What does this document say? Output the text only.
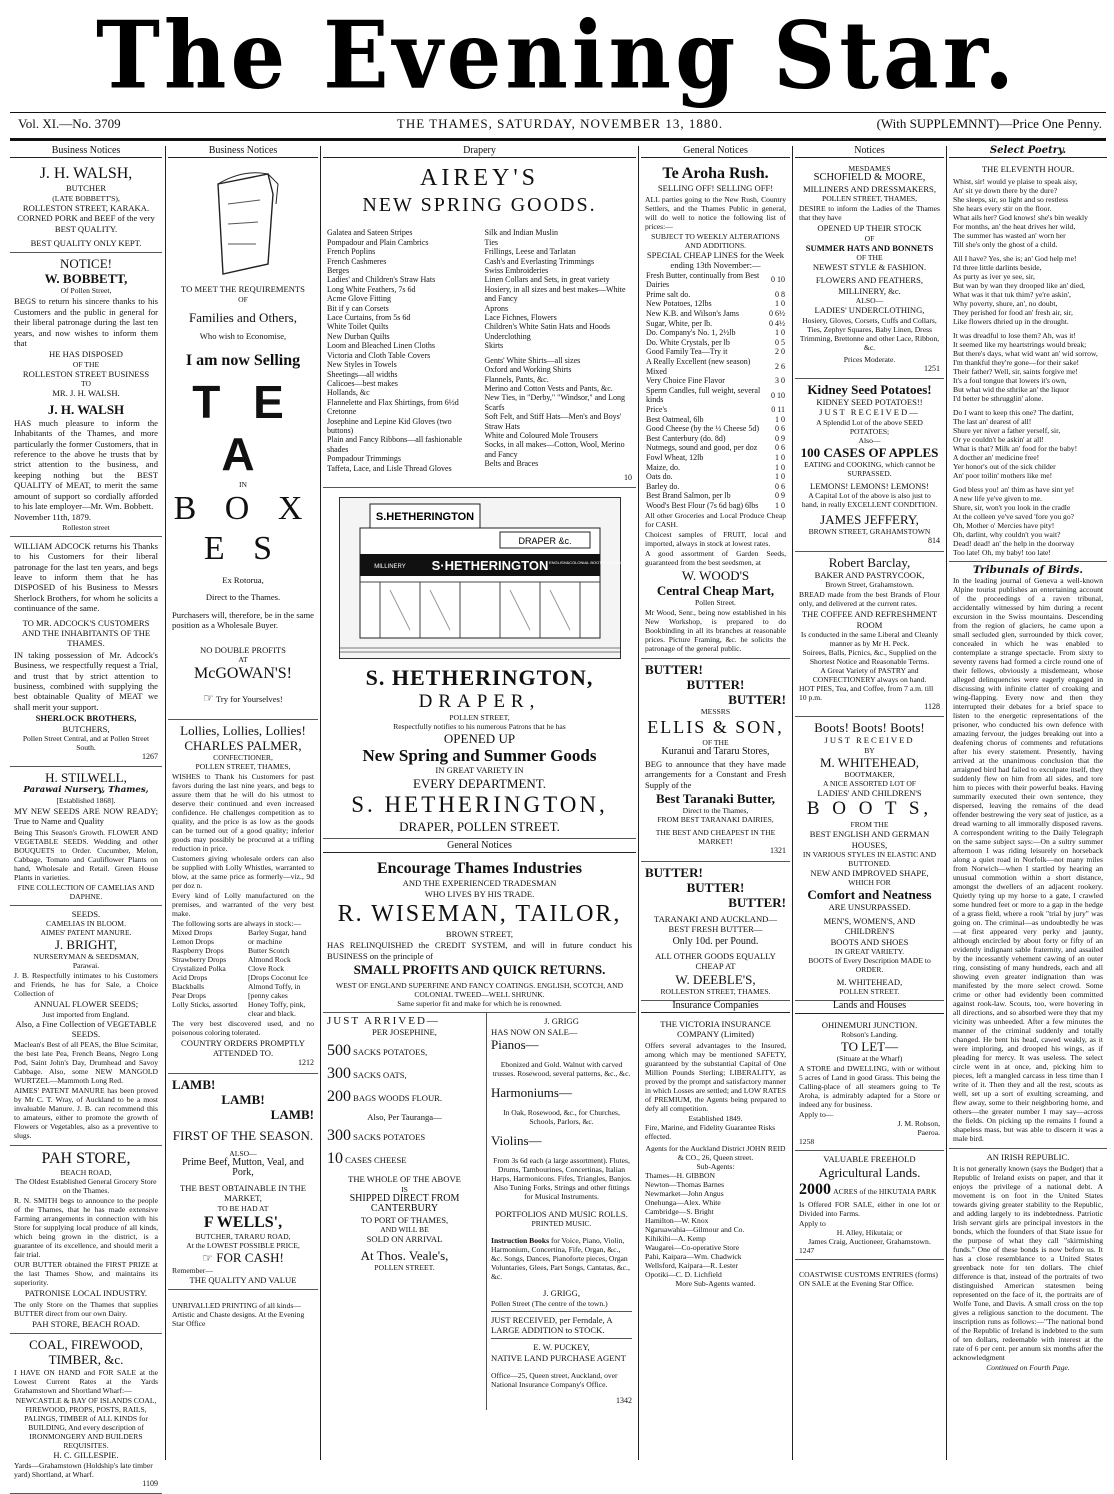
The Evening Star.
Vol. XI.—No. 3709	THE THAMES, SATURDAY, NOVEMBER 13, 1880.	(With SUPPLEMNNT)—Price One Penny.
Business Notices
J. H. WALSH,
BUTCHER
(LATE BOBBETT'S),
ROLLESTON STREET, KARAKA.
CORNED PORK and BEEF of the very BEST QUALITY.
BEST QUALITY ONLY KEPT.
NOTICE!
W. BOBBETT,
Of Pollen Street,

BEGS to return his sincere thanks to his Customers and the public in general for their liberal patronage during the last ten years, and now wishes to inform them that

HE HAS DISPOSED
OF THE
ROLLESTON STREET BUSINESS
TO
MR. J. H. WALSH.
J. H. WALSH

HAS much pleasure to inform the Inhabitants of the Thames, and more particularly the former Customers, that in reference to the above he trusts that by strict attention to the business, and keeping nothing but the BEST QUALITY of MEAT, to merit the same amount of support so cordially afforded to his late employer—Mr. Wm. Bobbett.

November 11th, 1879.
Rolleston street

WILLIAM ADCOCK returns his Thanks to his Customers for their liberal patronage for the last ten years, and begs leave to inform them that he has DISPOSED of his Business to Messrs Sherlock Brothers, for whom he solicits a continuance of the same.

TO MR. ADCOCK'S CUSTOMERS AND THE INHABITANTS OF THE THAMES.

IN taking possession of Mr. Adcock's Business, we respectfully request a Trial, and trust that by strict attention to business, combined with supplying the best obtainable Quality of MEAT we shall merit your support.

SHERLOCK BROTHERS,
BUTCHERS,
Pollen Street Central, and at Pollen Street South.
1267
H. STILWELL,
Parawai Nursery, Thames,
[Established 1868].

MY NEW SEEDS ARE NOW READY; True to Name and Quality

Being This Season's Growth. FLOWER AND VEGETABLE SEEDS. Wedding and other BOUQUETS to Order. Cucumber, Melon, Cabbage, Tomato and Cauliflower Plants on hand, Wholesale and Retail. Green House Plants in varieties.

FINE COLLECTION OF CAMELIAS AND DAPHNE.
SEEDS.
CAMELIAS IN BLOOM.
AIMES' PATENT MANURE.
J. BRIGHT,
NURSERYMAN & SEEDSMAN,
Parawai.

J. B. Respectfully intimates to his Customers and Friends, he has for Sale, a Choice Collection of

ANNUAL FLOWER SEEDS;
Just imported from England.
Also, a Fine Collection of VEGETABLE SEEDS.

Maclean's Best of all PEAS, the Blue Scimitar, the best late Pea, French Beans, Negro Long Pod, Saint John's Day, Drumhead and Savoy Cabbage. Also, some NEW MANGOLD WURTZEL—Mammoth Long Red.

AIMES' PATENT MANURE has been proved by Mr C. T. Wray, of Auckland to be a most invaluable Manure. J. B. can recommend this to amateurs, either to promote the growth of Flowers or Vegetables, also as a preventive to slugs.

PAH STORE,
BEACH ROAD,
The Oldest Established General Grocery Store on the Thames.

R. N. SMITH begs to announce to the people of the Thames, that he has made extensive Farming arrangements in connection with his Store for supplying local produce of all kinds, which being grown in the district, is a guarantee of its excellence, and should merit a fair trial.

OUR BUTTER obtained the FIRST PRIZE at the last Thames Show, and maintains its superiority.

PATRONISE LOCAL INDUSTRY.

The only Store on the Thames that supplies BUTTER direct from our own Dairy.

PAH STORE, BEACH ROAD.
COAL, FIREWOOD, TIMBER, &c.

I HAVE ON HAND and FOR SALE at the Lowest Current Rates at the Yards Grahamstown and Shortland Wharf:—

NEWCASTLE & BAY OF ISLANDS COAL, FIREWOOD, PROPS, POSTS, RAILS, PALINGS, TIMBER of ALL KINDS for BUILDING, And every description of IRONMONGERY AND BUILDERS REQUISITES.
H. C. GILLESPIE.
Yards—Grahamstown (Holdship's late timber yard) Shortland, at Wharf.
1109
Business Notices
TO MEET THE REQUIREMENTS
OF
Families and Others,
Who wish to Economise,
I am now Selling
T E A
IN
B O X E S
Ex Rotorua,
Direct to the Thames.

Purchasers will, therefore, be in the same position as a Wholesale Buyer.

NO DOUBLE PROFITS
AT
McGOWAN'S!
☞ Try for Yourselves!
Lollies, Lollies, Lollies!
CHARLES PALMER,
CONFECTIONER,
POLLEN STREET, THAMES,

WISHES to Thank his Customers for past favors during the last nine years, and begs to assure them that he will do his utmost to deserve their continued and even increased confidence. He challenges competition as to quality, and the price is as low as the goods can be turned out of a good quality; inferior goods may possibly be procured at a trifling reduction in price.

Customers giving wholesale orders can also be supplied with Lolly Whistles, warranted to blow, at the same price as formerly—viz., 9d per doz n.

Every kind of Lolly manufactured on the premises, and warranted of the very best make.

The following sorts are always in stock:—
Mixed Drops
Lemon Drops
Raspberry Drops
Strawberry Drops
Crystalized Polka
Acid Drops
Blackballs
Pear Drops
Lolly Sticks, assorted
Barley Sugar, hand or machine
Butter Scotch
Almond Rock
Clove Rock
[Drops Coconut Ice
Almond Toffy, in
[penny cakes
Honey Toffy, pink, clear and black.

The very best discovered used, and no poisonous coloring tolerated.

COUNTRY ORDERS PROMPTLY ATTENDED TO.
1212
LAMB!
LAMB!
LAMB!
FIRST OF THE SEASON.
ALSO—
Prime Beef, Mutton, Veal, and Pork,
THE BEST OBTAINABLE IN THE MARKET,
TO BE HAD AT
F WELLS',
BUTCHER, TARARU ROAD,
At the LOWEST POSSIBLE PRICE,
☞ FOR CASH!
Remember—
THE QUALITY AND VALUE

UNRIVALLED PRINTING of all kinds—Artistic and Chaste designs. At the Evening Star Office

Drapery
AIREY'S
NEW SPRING GOODS.
Galatea and Sateen Stripes
Pompadour and Plain Cambrics
French Poplins
French Cashmeres
Berges
Ladies' and Children's Straw Hats
Long White Feathers, 7s 6d
Acme Glove Fitting
Bit if y can Corsets
Lace Curtains, from 5s 6d
White Toilet Quilts
New Durban Quilts
Loom and Bleached Linen Cloths
Victoria and Cloth Table Covers
New Styles in Towels
Sheetings—all widths
Calicoes—best makes
Hollands, &c
Flannelette and Flax Shirtings, from 6½d
Cretonne
Josephine and Lepine Kid Gloves (two buttons)
Plain and Fancy Ribbons—all fashionable shades
Pompadour Trimmings
Taffeta, Lace, and Lisle Thread Gloves
Silk and Indian Muslin
Ties
Frillings, Leese and Tarlatan
Cash's and Everlasting Trimmings
Swiss Embroideries
Linen Collars and Sets, in great variety
Hosiery, in all sizes and best makes—White and Fancy
Aprons
Lace Fichnes, Flowers
Children's White Satin Hats and Hoods
Underclothing
Skirts
Gents' White Shirts—all sizes
Oxford and Working Shirts
Flannels, Pants, &c.
Merino and Cotton Vests and Pants, &c.
New Ties, in "Derby," "Windsor," and Long Scarfs
Soft Felt, and Stiff Hats—Men's and Boys'
Straw Hats
White and Coloured Mole Trousers
Socks, in all makes—Cotton, Wool, Merino and Fancy
Belts and Braces
10
S.HETHERINGTON
DRAPER &c.
S·HETHERINGTON
MILLINERY
ENGLISH&COLONIAL BOOTS&SHOES
S. HETHERINGTON,
DRAPER,
POLLEN STREET,
Respectfully notifies to his numerous Patrons that he has
OPENED UP
New Spring and Summer Goods
IN GREAT VARIETY IN
EVERY DEPARTMENT.
S. HETHERINGTON,
DRAPER, POLLEN STREET.
General Notices
Encourage Thames Industries
AND THE EXPERIENCED TRADESMAN
WHO LIVES BY HIS TRADE.
R. WISEMAN, TAILOR,
BROWN STREET,

HAS RELINQUISHED the CREDIT SYSTEM, and will in future conduct his BUSINESS on the principle of

SMALL PROFITS AND QUICK RETURNS.
WEST OF ENGLAND SUPERFINE AND FANCY COATINGS. ENGLISH, SCOTCH, AND COLONIAL TWEED—WELL SHRUNK.
Same superior fit and make for which he is renowned.
JUST ARRIVED—
PER JOSEPHINE,
500 SACKS POTATOES,
300 SACKS OATS,
200 BAGS WOODS FLOUR.
Also, Per Tauranga—
300 SACKS POTATOES
10 CASES CHEESE
THE WHOLE OF THE ABOVE
IS
SHIPPED DIRECT FROM
CANTERBURY
TO PORT OF THAMES,
AND WILL BE
SOLD ON ARRIVAL
At Thos. Veale's,
POLLEN STREET.
J. GRIGG
HAS NOW ON SALE—
Pianos—

Ebonized and Gold. Walnut with carved trusses. Rosewood, several patterns, &c., &c.

Harmoniums—

In Oak, Rosewood, &c., for Churches, Schools, Parlors, &c.

Violins—

From 3s 6d each (a large assortment). Flutes, Drums, Tambourines, Concertinas, Italian Harps, Harmonicons. Fifes, Triangles, Banjos. Also Tuning Forks, Strings and other fittings for Musical Instruments.

PORTFOLIOS AND MUSIC ROLLS.
PRINTED MUSIC.

Instruction Books for Voice, Piano, Violin, Harmonium, Concertina, Fife, Organ, &c., &c. Songs, Dances, Pianoforte pieces, Organ Voluntaries, Glees, Part Songs, Cantatas, &c., &c.

J. GRIGG,
Pollen Street (The centre of the town.)
JUST RECEIVED, per Ferndale, A LARGE ADDITION to STOCK.
E. W. PUCKEY,
NATIVE LAND PURCHASE AGENT

Office—25, Queen street, Auckland, over National Insurance Company's Office.

1342
General Notices
Te Aroha Rush.
SELLING OFF! SELLING OFF!

ALL parties going to the New Rush, Country Settlers, and the Thames Public in general, will do well to notice the following list of prices:—

SUBJECT TO WEEKLY ALTERATIONS AND ADDITIONS.
SPECIAL CHEAP LINES for the Week ending 13th November:—
Fresh Butter, continually from Best Dairies	0 10
Prime salt do.	0 8
New Potatoes, 12lbs	1 0
New K.B. and Wilson's Jams	0 6½
Sugar, White, per lb.	0 4½
Do. Company's No. 1, 2½lb	1 0
Do. White Crystals, per lb	0 5
Good Family Tea—Try it	2 0
A Really Excellent (new season) Mixed	2 6
Very Choice Fine Flavor	3 0
Sperm Candles, full weight, several kinds	0 10
Price's	0 11
Best Oatmeal, 6lb	1 0
Good Cheese (by the ½ Cheese 5d)	0 6
Best Canterbury (do. 8d)	0 9
Nutmegs, sound and good, per doz	0 6
Fowl Wheat, 12lb	1 0
Maize, do.	1 0
Oats do.	1 0
Barley do.	0 6
Best Brand Salmon, per lb	0 9
Wood's Best Flour (7s 6d bag) 6lbs	1 0

All other Groceries and Local Produce Cheap for CASH.

Choicest samples of FRUIT, local and imported, always in stock at lowest rates.

A good assortment of Garden Seeds, guaranteed from the best seedsmen, at

W. WOOD'S
Central Cheap Mart,
Pollen Street.

Mr Wood, Senr., being now established in his New Workshop, is prepared to do Bookbinding in all its branches at reasonable prices. Picture Framing, &c. he solicits the patronage of the general public.

BUTTER!
BUTTER!
BUTTER!
MESSRS
ELLIS & SON,
OF THE
Kuranui and Tararu Stores,

BEG to announce that they have made arrangements for a Constant and Fresh Supply of the

Best Taranaki Butter,
Direct to the Thames,
FROM BEST TARANAKI DAIRIES,
THE BEST AND CHEAPEST IN THE MARKET!
1321
BUTTER!
BUTTER!
BUTTER!
TARANAKI AND AUCKLAND—
BEST FRESH BUTTER—
Only 10d. per Pound.
ALL OTHER GOODS EQUALLY CHEAP AT
W. DEEBLE'S,
ROLLESTON STREET, THAMES.
Insurance Companies
THE VICTORIA INSURANCE COMPANY (Limited)

Offers several advantages to the Insured, among which may be mentioned SAFETY, guaranteed by the substantial Capital of One Million Pounds Sterling; LIBERALITY, as proved by the prompt and satisfactory manner in which Losses are settled; and LOW RATES of PREMIUM, the Agents being prepared to defy all competition.

Established 1849.
Fire, Marine, and Fidelity Guarantee Risks effected.
Agents for the Auckland District JOHN REID & CO., 26, Queen street.
Sub-Agents:
Thames—H. GIBBON
Newton—Thomas Barnes
Newmarket—John Angus
Onehunga—Alex. White
Cambridge—S. Bright
Hamilton—W. Knox
Ngaruawahia—Gilmour and Co.
Kihikihi—A. Kemp
Waugarei—Co-operative Store
Pahi, Kaipara—Wm. Chadwick
Wellsford, Kaipara—R. Lester
Opotiki—C. D. Lichfield
More Sub-Agents wanted.
Notices
MESDAMES
SCHOFIELD & MOORE,
MILLINERS AND DRESSMAKERS,
POLLEN STREET, THAMES,

DESIRE to inform the Ladies of the Thames that they have

OPENED UP THEIR STOCK
OF
SUMMER HATS AND BONNETS
OF THE
NEWEST STYLE & FASHION.
FLOWERS AND FEATHERS, MILLINERY, &c.
ALSO—
LADIES' UNDERCLOTHING,
Hosiery, Gloves, Corsets, Cuffs and Collars, Ties, Zephyr Squares, Baby Linen, Dress Trimming, Brettonne and other Lace, Ribbon, &c.
Prices Moderate.
1251
Kidney Seed Potatoes!
KIDNEY SEED POTATOES!!
JUST RECEIVED—
A Splendid Lot of the above SEED POTATOES;
Also—
100 CASES OF APPLES
EATING and COOKING, which cannot be SURPASSED.
LEMONS! LEMONS! LEMONS!
A Capital Lot of the above is also just to hand, in really EXCELLENT CONDITION.
JAMES JEFFERY,
BROWN STREET, GRAHAMSTOWN
814
Robert Barclay,
BAKER AND PASTRYCOOK,
Brown Street, Grahamstown.

BREAD made from the best Brands of Flour only, and delivered at the current rates.

THE COFFEE AND REFRESHMENT ROOM
Is conducted in the same Liberal and Cleanly manner as by Mr H. Peck.
Soirees, Balls, Picnics, &c., Supplied on the Shortest Notice and Reasonable Terms.
A Great Variety of PASTRY and CONFECTIONERY always on hand.
HOT PIES, Tea, and Coffee, from 7 a.m. till 10 p.m.
1128
Boots! Boots! Boots!
JUST RECEIVED
BY
M. WHITEHEAD,
BOOTMAKER,
A NICE ASSORTED LOT OF
LADIES' AND CHILDREN'S
B O O T S,
FROM THE
BEST ENGLISH AND GERMAN HOUSES,
IN VARIOUS STYLES IN ELASTIC AND BUTTONED.
NEW AND IMPROVED SHAPE,
WHICH FOR
Comfort and Neatness
ARE UNSURPASSED.
MEN'S, WOMEN'S, AND CHILDREN'S
BOOTS AND SHOES
IN GREAT VARIETY.
BOOTS of Every Description MADE to ORDER.
M. WHITEHEAD,
POLLEN STREET.
Lands and Houses
OHINEMURI JUNCTION.
Robson's Landing.
TO LET—
(Situate at the Wharf)

A STORE and DWELLING, with or without 5 acres of Land in good Grass. This being the Calling-place of all steamers going to Te Aroha, is admirably adapted for a Store or indeed any for business.

Apply to—
J. M. Robson,
Paeroa.
1258
VALUABLE FREEHOLD
Agricultural Lands.
2000 ACRES of the HIKUTAIA PARK

Is Offered FOR SALE, either in one lot or Divided into Farms.

Apply to
H. Alley, Hikutaia; or
James Craig, Auctioneer, Grahamstown.
1247

COASTWISE CUSTOMS ENTRIES (forms) ON SALE at the Evening Star Office.

Select Poetry.
THE ELEVENTH HOUR.
Whist, sir! would ye plaise to speak aisy,
An' sit ye down there by the dure?
She sleeps, sir, so light and so restless
She hears every stir on the floor.
What ails her? God knows! she's bin weakly
For months, an' the heat drives her wild,
The summer has wasted an' worn her
Till she's only the ghost of a child.
All I have? Yes, she is; an' God help me!
I'd three little darlints beside,
As purty as iver ye see, sir,
But wan by wan they drooped like an' died,
What was it that tuk thim? ye're askin',
Why poverty, shure, an', no doubt,
They perished for food an' fresh air, sir,
Like flowers dhried up in the drought.
It was dreadful to lose them? Ah, was it!
It seemed like my heartstrings would break;
But there's days, what wid want an' wid sorrow,
I'm thankful they're gone—for their sake!
Their father? Well, sir, saints forgive me!
It's a foul tongue that lowers it's own,
But what wid the sthrike an' the liquor
I'd better be sthrugglin' alone.
Do I want to keep this one? The darlint,
The last an' dearest of all!
Shure yer niver a father yerself, sir,
Or ye couldn't be askin' at all!
What is that? Milk an' food for the baby!
A docther an' medicine free!
Yer honor's out of the sick childer
An' poor toilin' mothers like me!
God bless you! an' thim as have sint ye!
A new life ye've given to me.
Shure, sir, won't you look in the cradle
At the colleen ye've saved 'fore you go?
Oh, Mother o' Mercies have pity!
Oh, darlint, why couldn't you wait?
Dead! dead! an' the help in the doorway
Too late! Oh, my baby! too late!
Tribunals of Birds.

In the leading journal of Geneva a well-known Alpine tourist publishes an entertaining account of the proceedings of a raven tribunal, accidentally witnessed by him during a recent excursion in the Swiss mountains. Descending from the region of glaciers, he came upon a small secluded glen, surrounded by thick cover, concealed in which he was enabled to contemplate a strange spectacle. From sixty to seventy ravens had formed a circle round one of their fellows, obviously a misdemeant, whose alleged delinquencies were eagerly engaged in discussing with infinite clatter of croaking and wing-flapping. Every now and then they interrupted their debates for a brief space to listen to the energetic representations of the prisoner, who conducted his own defence with amazing fervour, the judges breaking out into a deafening chorus of comments and refutations after his every statement. Presently, having arrived at the unanimous conclusion that the arraigned bird had failed to exculpate itself, they suddenly flew on him from all sides, and tore him to pieces with their powerful beaks. Having summarily executed their own sentence, they dispersed, leaving the remains of the dead offender bestrewing the very seat of justice, as a dread warning to all immorally disposed ravens. A correspondent writing to the Daily Telegraph on the same subject says:—On a sultry summer afternoon I was riding leisurely on horseback along a quiet road in Norfolk—not many miles from Norwich—when I startled by hearing an unusual commotion within a short distance, amongst the dwellers of an adjacent rookery. Quietly tying up my horse to a gate, I crawled some hundred feet or more to a gap in the hedge of a grass field, where a rook "trial by jury" was going on. The criminal—as undoubtedly he was—at first appeared very perky and jaunty, although encircled by about forty or fifty of an evidently indignant sable fraternity, and assailed by the incessantly vehement cawing of an outer ring, consisting of many hundreds, each and all showing even greater indignation than was manifested by the more select crowd. Some crime or other had evidently been committed against rook-law. Scouts, too, were hovering in all directions, and so absorbed were they that my vicinity was unheeded. After a few minutes the manner of the criminal suddenly and totally changed. He bent his head, cawed weakly, as it were imploring, and drooped his wings, as if pleading for mercy. It was useless. The select circle went in at once, and, picking him to pieces, left a mangled carcass in less time than I write of it. Then they and all the rest, scouts as well, set up a sort of exulting screaming, and flew away, some to their neighboring home, and others—the greater number I may say—across the fields. On picking up the remains I found a shapeless mass, but was able to discern it was a male bird.

AN IRISH REPUBLIC.

It is not generally known (says the Budget) that a Republic of Ireland exists on paper, and that it enjoys the privilege of a national debt. A movement is on foot in the United States towards giving greater stability to the Republic, and adding largely to its indebtedness. Patriotic Irish servant girls are principal investors in the bonds, which the founders of that State issue for the purpose of what they call "skirmishing funds." One of these bonds is now before us. It has a close resemblance to a United States greenback note for ten dollars. The chief difference is that, instead of the portraits of two distinguished American statesmen being represented on the face of it, the portraits are of Wolfe Tone, and Davis. A small cross on the top gives a religious sanction to the document. The inscription runs as follows:—"The national bond of the Republic of Ireland is indebted to the sum of ten dollars, redeemable with interest at the rate of 6 per cent. per annum six months after the acknowledgment

Continued on Fourth Page.
